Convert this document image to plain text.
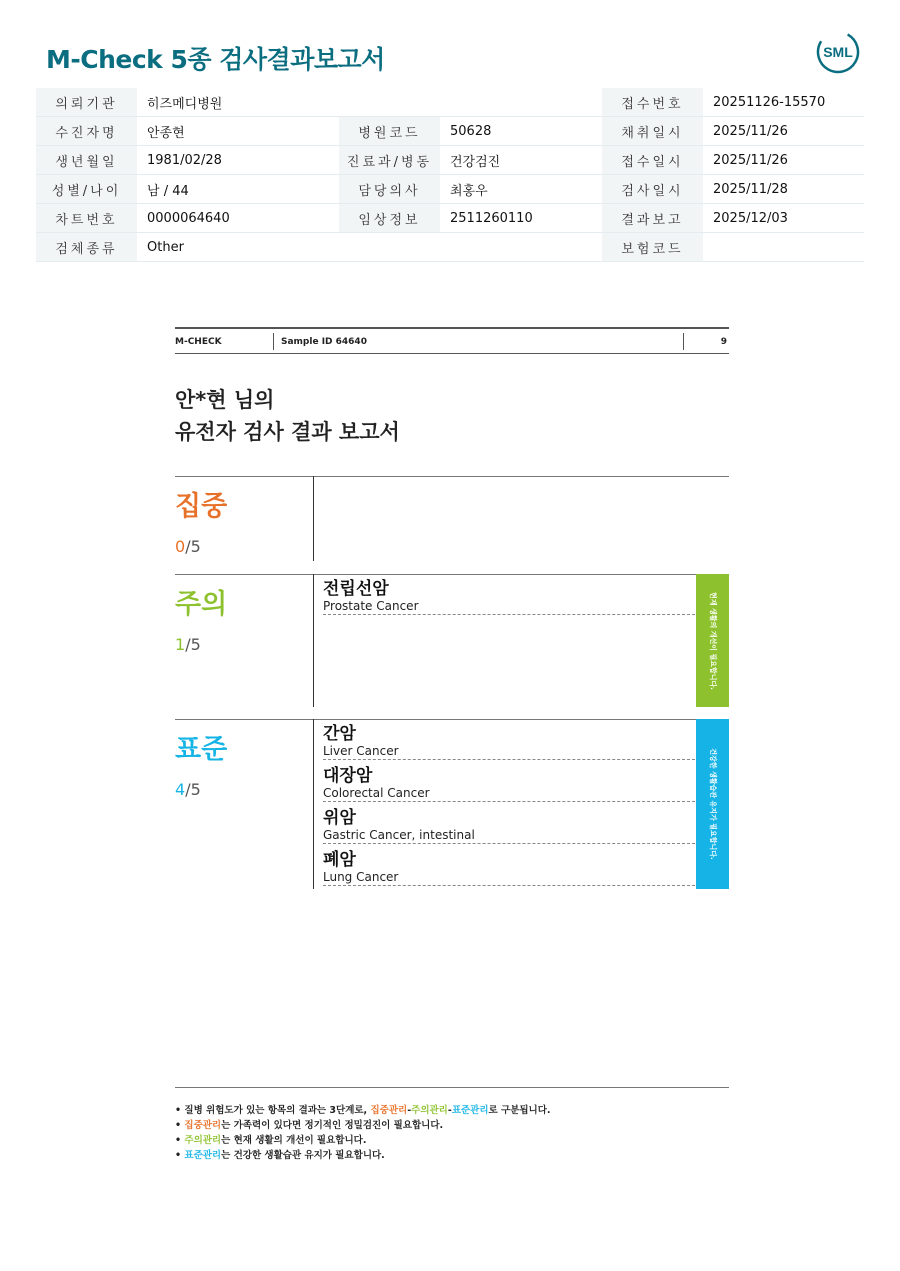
M-Check 5종 검사결과보고서	SML
의뢰기관	히즈메디병원			접수번호	20251126-15570
수진자명	안종현	병원코드	50628	채취일시	2025/11/26
생년월일	1981/02/28	진료과/병동	건강검진	접수일시	2025/11/26
성별/나이	남 / 44	담당의사	최홍우	검사일시	2025/11/28
차트번호	0000064640	임상정보	2511260110	결과보고	2025/12/03
검체종류	Other			보험코드	
M-CHECK	Sample ID 64640	9
안*현 님의
유전자 검사 결과 보고서
집중
0/5
주의
1/5
전립선암
Prostate Cancer	현재 생활의 개선이 필요합니다.
표준
4/5
간암
Liver Cancer
대장암
Colorectal Cancer
위암
Gastric Cancer, intestinal
폐암
Lung Cancer
건강한 생활습관 유지가 필요합니다.
• 질병 위험도가 있는 항목의 결과는 3단계로, 집중관리-주의관리-표준관리로 구분됩니다.
• 집중관리는 가족력이 있다면 정기적인 정밀검진이 필요합니다.
• 주의관리는 현재 생활의 개선이 필요합니다.
• 표준관리는 건강한 생활습관 유지가 필요합니다.
